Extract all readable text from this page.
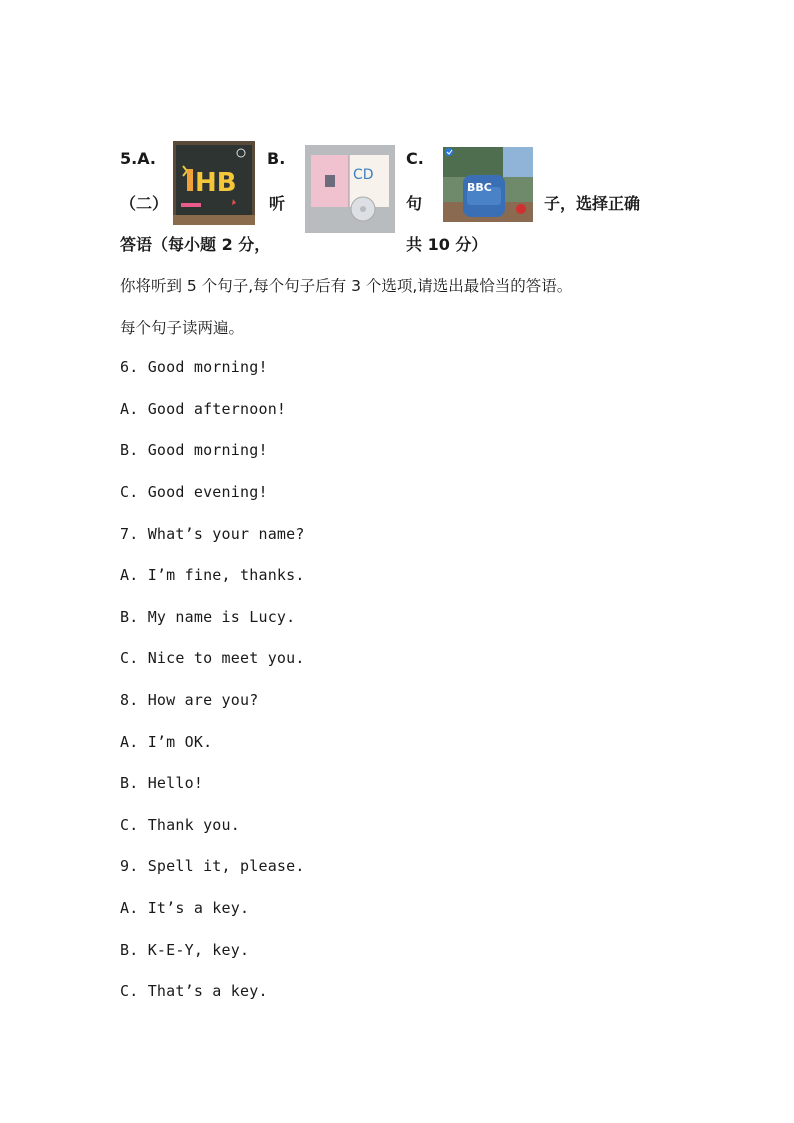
5.A.	B.	C.
HB	CD
BBC
（二）	听	句	子，选择正确
答语（每小题 2 分，	共 10 分）
你将听到 5 个句子,每个句子后有 3 个选项,请选出最恰当的答语。
每个句子读两遍。
6. Good morning!
A. Good afternoon!
B. Good morning!
C. Good evening!
7. What’s your name?
A. I’m fine, thanks.
B. My name is Lucy.
C. Nice to meet you.
8. How are you?
A. I’m OK.
B. Hello!
C. Thank you.
9. Spell it, please.
A. It’s a key.
B. K-E-Y, key.
C. That’s a key.
